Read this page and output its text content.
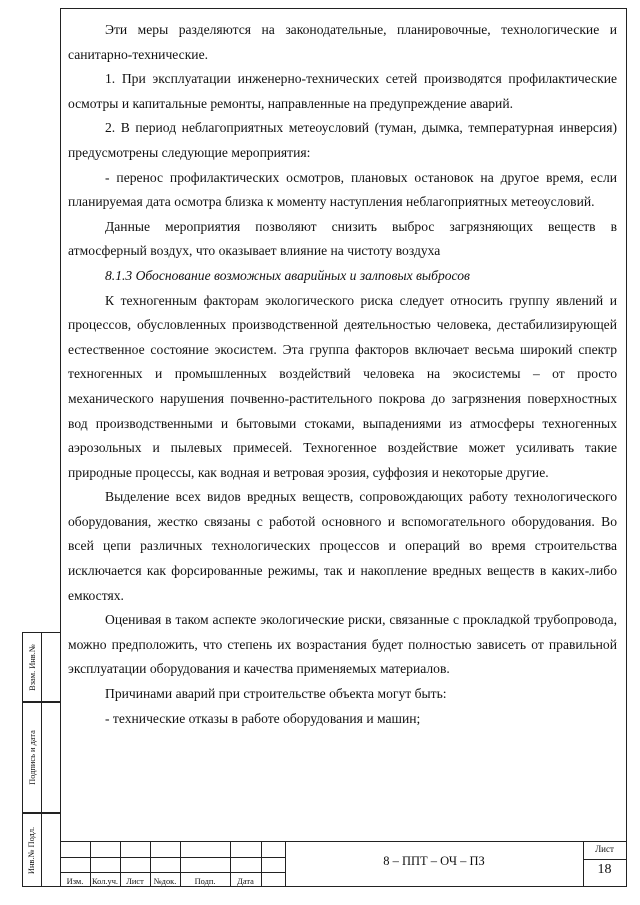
Эти меры разделяются на законодательные, планировочные, технологические и санитарно-технические.

1. При эксплуатации инженерно-технических сетей производятся профилактические осмотры и капитальные ремонты, направленные на предупреждение аварий.

2. В период неблагоприятных метеоусловий (туман, дымка, температурная инверсия) предусмотрены следующие мероприятия:

- перенос профилактических осмотров, плановых остановок на другое время, если планируемая дата осмотра близка к моменту наступления неблагоприятных метеоусловий.

Данные мероприятия позволяют снизить выброс загрязняющих веществ в атмосферный воздух, что оказывает влияние на чистоту воздуха

8.1.3 Обоснование возможных аварийных и залповых выбросов

К техногенным факторам экологического риска следует относить группу явлений и процессов, обусловленных производственной деятельностью человека, дестабилизирующей естественное состояние экосистем. Эта группа факторов включает весьма широкий спектр техногенных и промышленных воздействий человека на экосистемы – от просто механического нарушения почвенно-растительного покрова до загрязнения поверхностных вод производственными и бытовыми стоками, выпадениями из атмосферы техногенных аэрозольных и пылевых примесей. Техногенное воздействие может усиливать такие природные процессы, как водная и ветровая эрозия, суффозия и некоторые другие.

Выделение всех видов вредных веществ, сопровождающих работу технологического оборудования, жестко связаны с работой основного и вспомогательного оборудования. Во всей цепи различных технологических процессов и операций во время строительства исключается как форсированные режимы, так и накопление вредных веществ в каких-либо емкостях.

Оценивая в таком аспекте экологические риски, связанные с прокладкой трубопровода, можно предположить, что степень их возрастания будет полностью зависеть от правильной эксплуатации оборудования и качества применяемых материалов.

Причинами аварий при строительстве объекта могут быть:

- технические отказы в работе оборудования и машин;

Взам. Инв.№
Подпись и дата
Инв.№ Подл.
Изм.	Кол.уч. Лист	№док.	Подп.	Дата
8 – ППТ – ОЧ – ПЗ
Лист
18
